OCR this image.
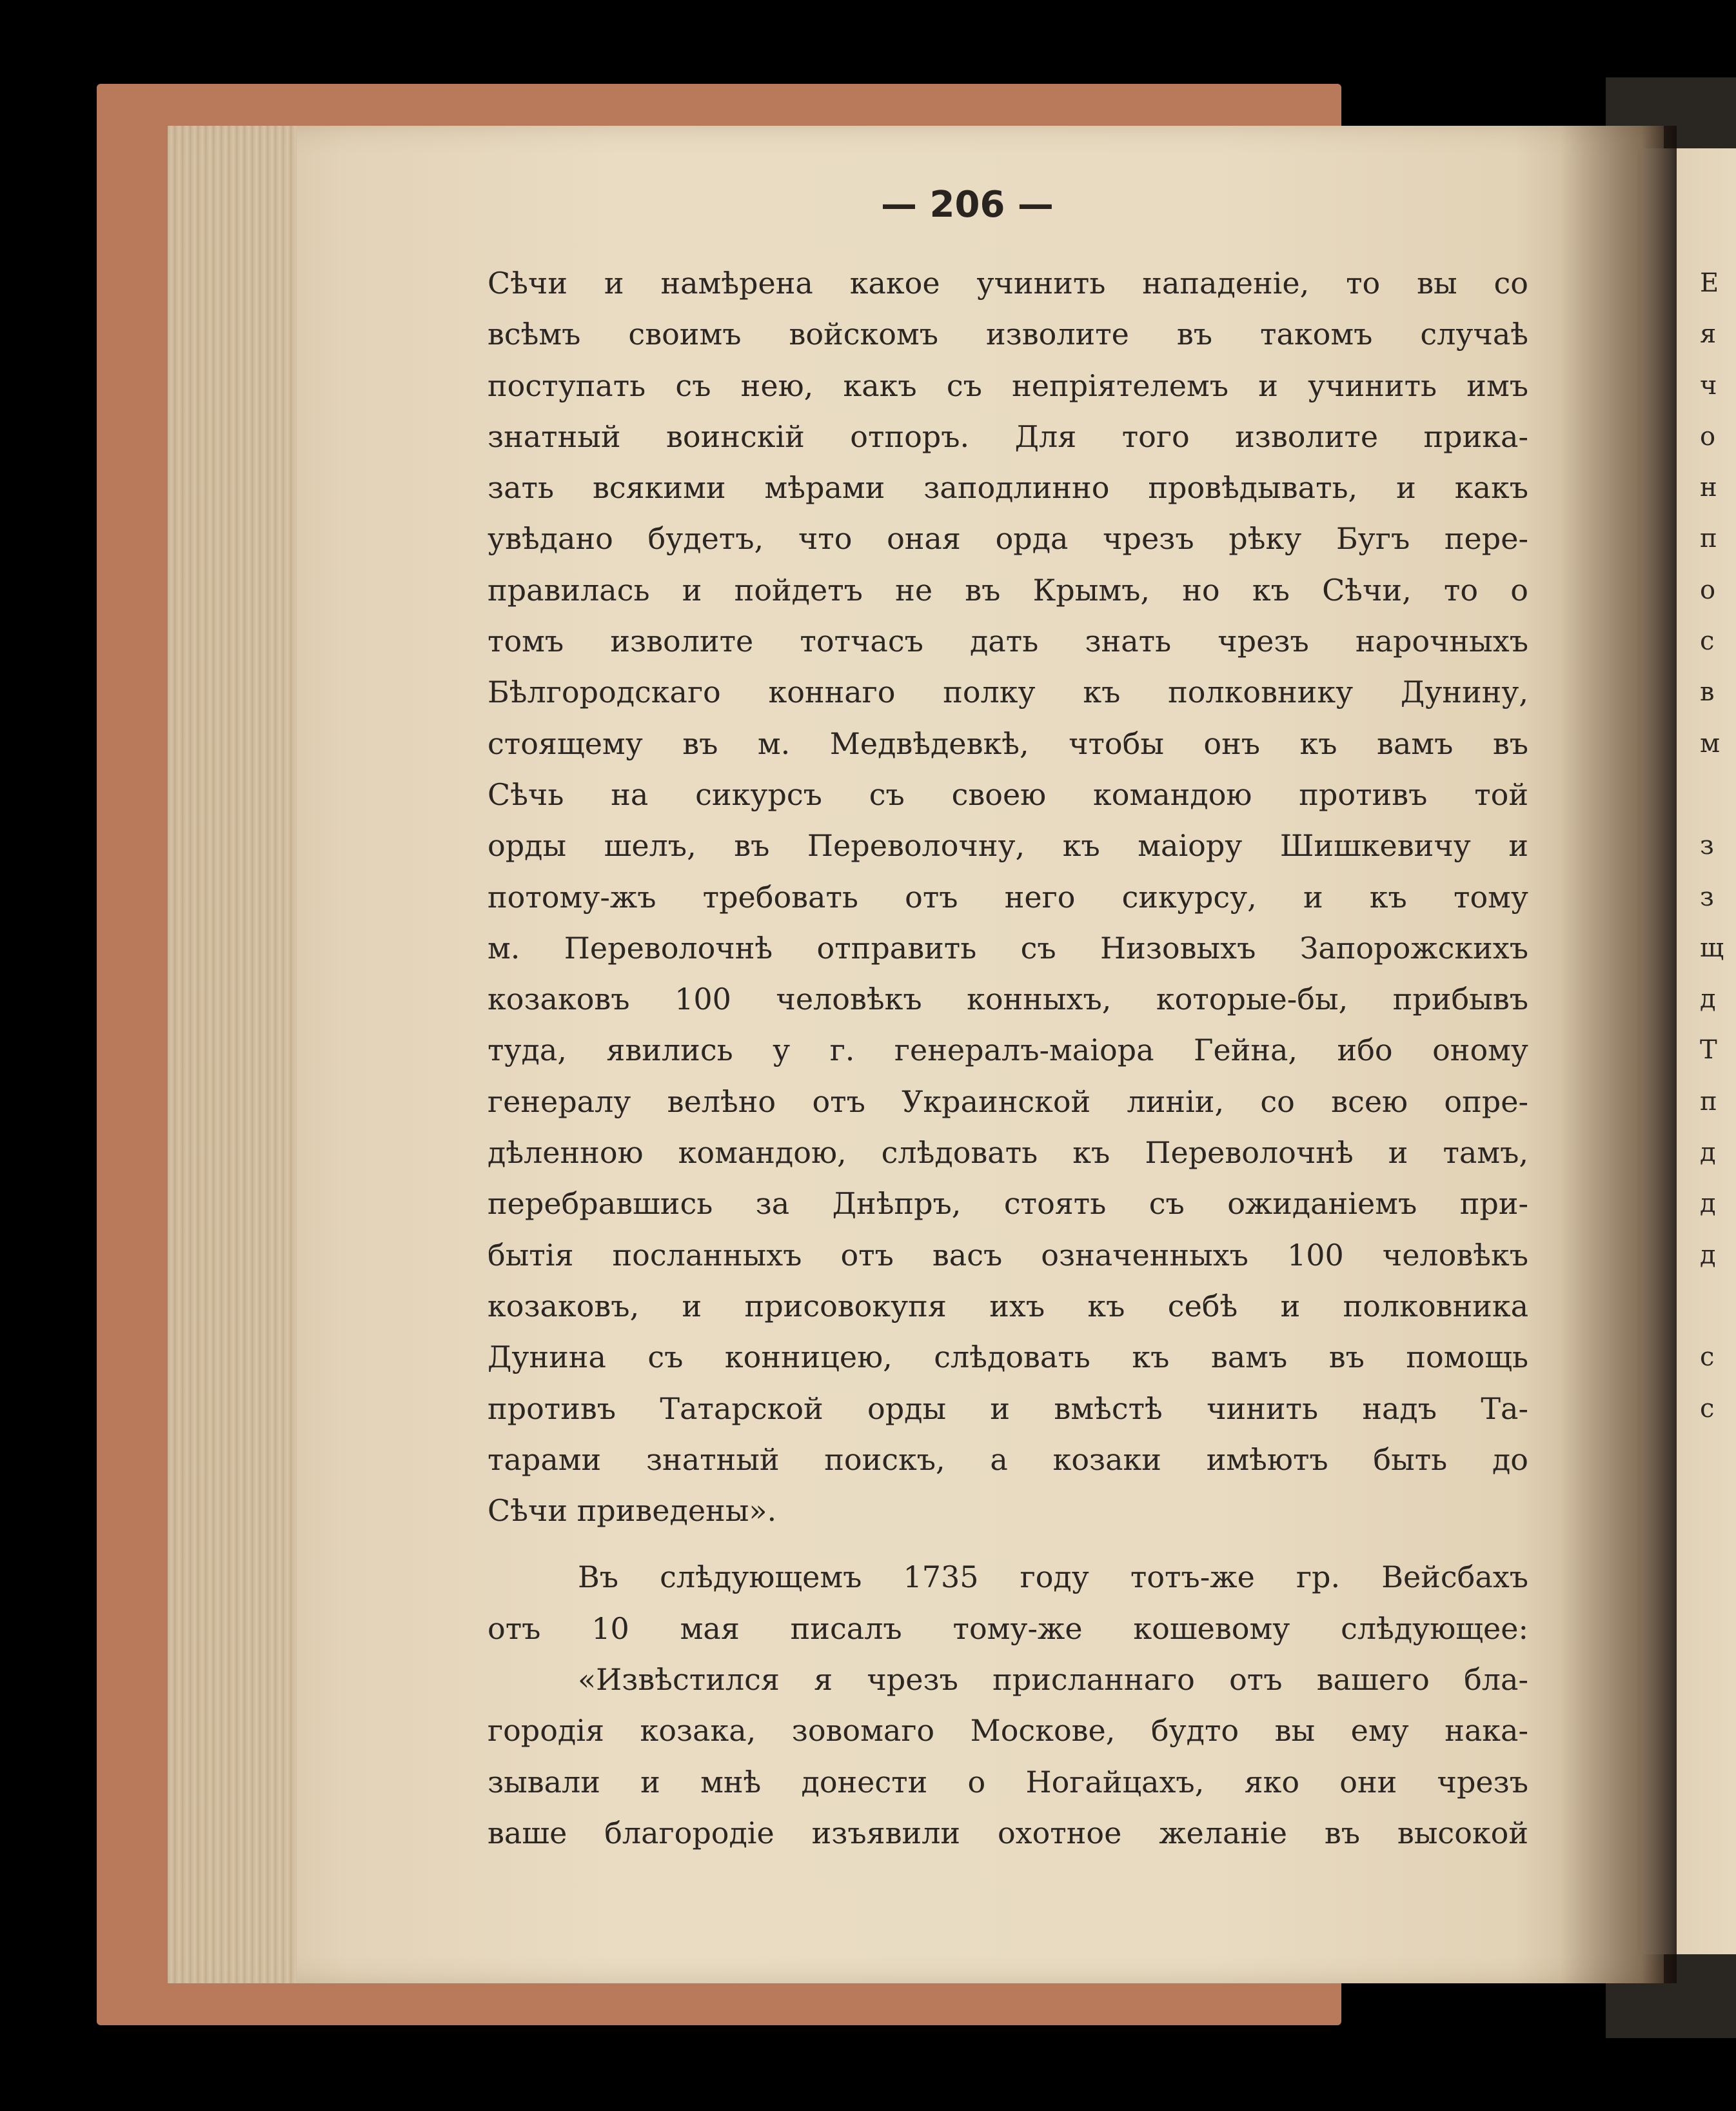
— 206 —
Сѣчи и намѣрена какое учинить нападеніе, то вы со
всѣмъ своимъ войскомъ изволите въ такомъ случаѣ
поступать съ нею, какъ съ непріятелемъ и учинить имъ
знатный воинскій отпоръ. Для того изволите прика-
зать всякими мѣрами заподлинно провѣдывать, и какъ
увѣдано будетъ, что оная орда чрезъ рѣку Бугъ пере-
правилась и пойдетъ не въ Крымъ, но къ Сѣчи, то о
томъ изволите тотчасъ дать знать чрезъ нарочныхъ
Бѣлгородскаго коннаго полку къ полковнику Дунину,
стоящему въ м. Медвѣдевкѣ, чтобы онъ къ вамъ въ
Сѣчь на сикурсъ съ своею командою противъ той
орды шелъ, въ Переволочну, къ маіору Шишкевичу и
потому-жъ требовать отъ него сикурсу, и къ тому
м. Переволочнѣ отправить съ Низовыхъ Запорожскихъ
козаковъ 100 человѣкъ конныхъ, которые-бы, прибывъ
туда, явились у г. генералъ-маіора Гейна, ибо оному
генералу велѣно отъ Украинской линіи, со всею опре-
дѣленною командою, слѣдовать къ Переволочнѣ и тамъ,
перебравшись за Днѣпръ, стоять съ ожиданіемъ при-
бытія посланныхъ отъ васъ означенныхъ 100 человѣкъ
козаковъ, и присовокупя ихъ къ себѣ и полковника
Дунина съ конницею, слѣдовать къ вамъ въ помощь
противъ Татарской орды и вмѣстѣ чинить надъ Та-
тарами знатный поискъ, а козаки имѣютъ быть до
Сѣчи приведены».
Въ слѣдующемъ 1735 году тотъ-же гр. Вейсбахъ
отъ 10 мая писалъ тому-же кошевому слѣдующее:
«Извѣстился я чрезъ присланнаго отъ вашего бла-
городія козака, зовомаго Москове, будто вы ему нака-
зывали и мнѣ донести о Ногайцахъ, яко они чрезъ
ваше благородіе изъявили охотное желаніе въ высокой
Е
я
ч
о
н
п
о
с
в
м
з
з
щ
д
Т
п
д
д
д
с
с
